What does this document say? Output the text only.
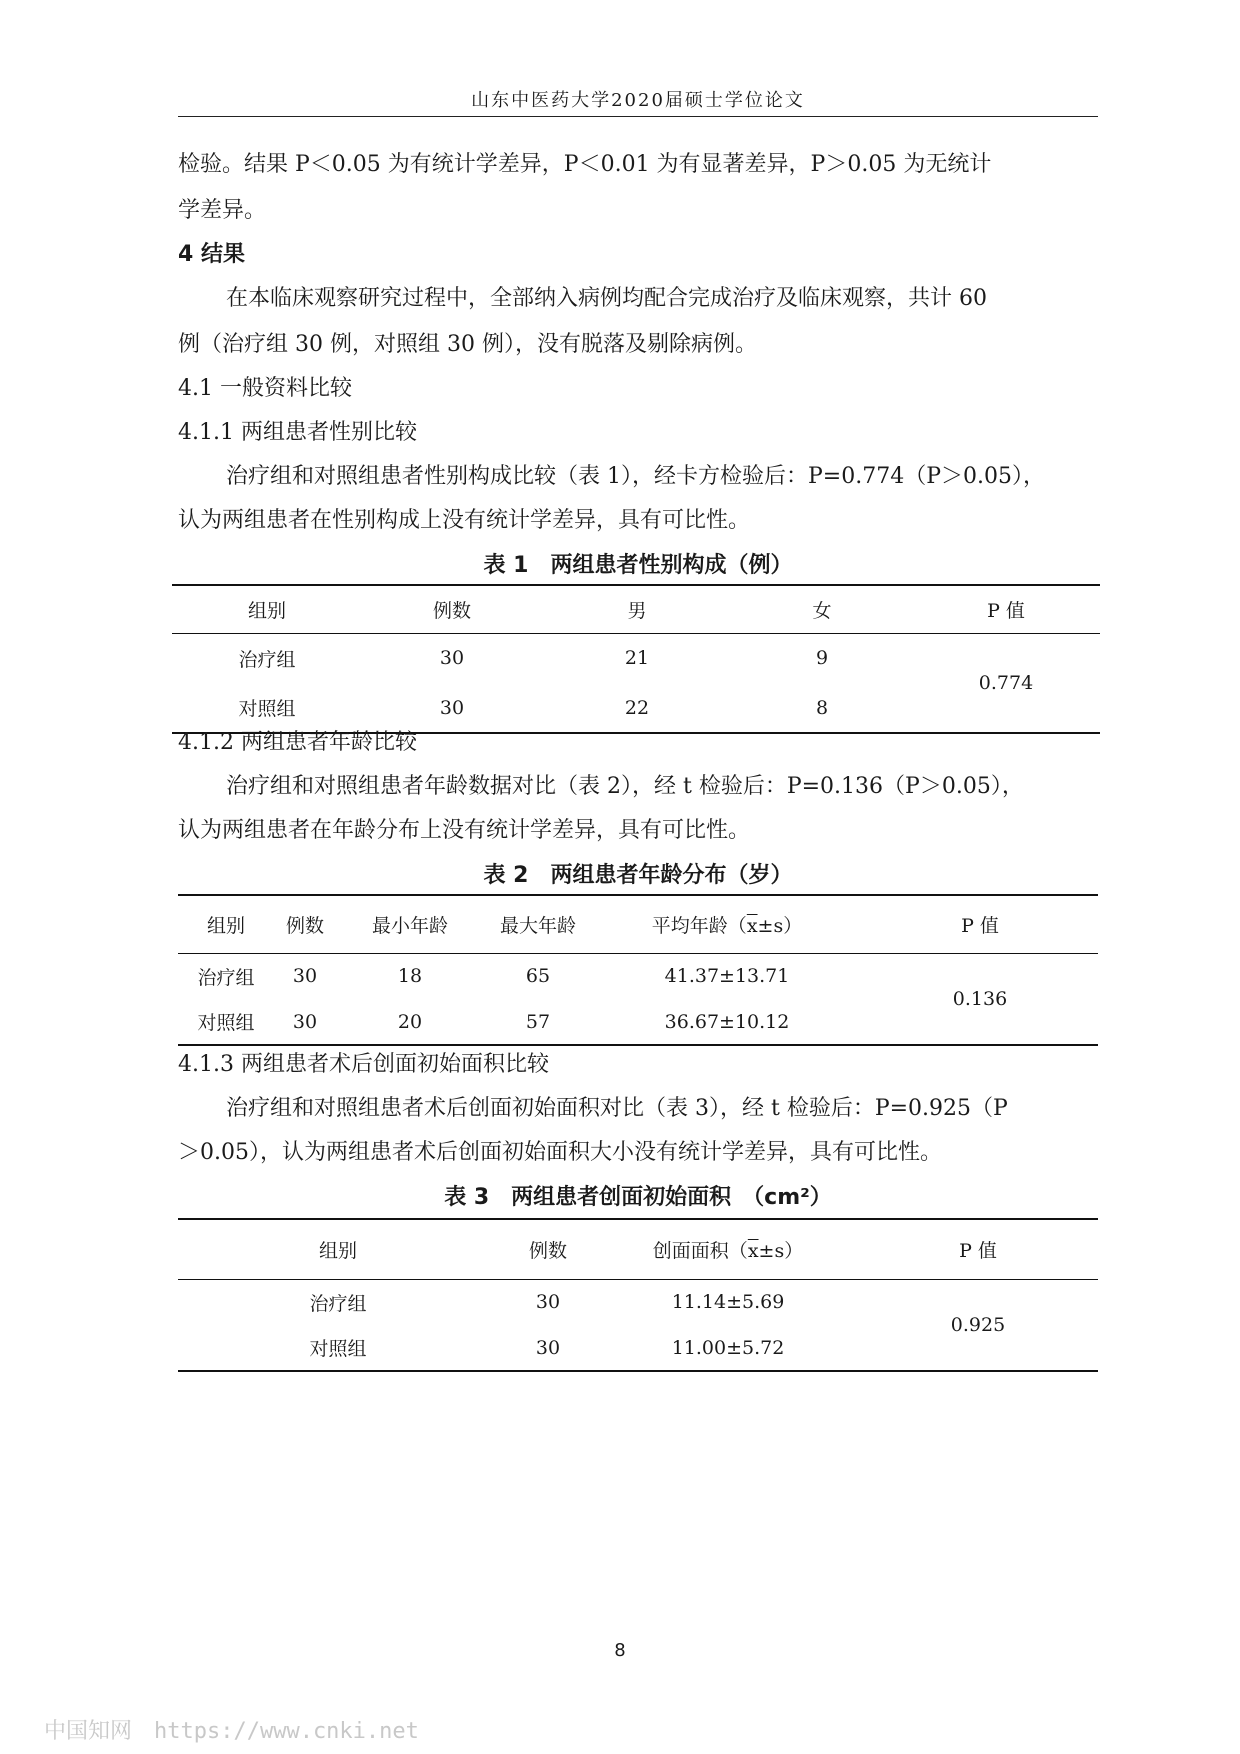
山东中医药大学2020届硕士学位论文
检验。结果 P＜0.05 为有统计学差异，P＜0.01 为有显著差异，P＞0.05 为无统计
学差异。
4 结果
在本临床观察研究过程中，全部纳入病例均配合完成治疗及临床观察，共计 60
例（治疗组 30 例，对照组 30 例），没有脱落及剔除病例。
4.1 一般资料比较
4.1.1 两组患者性别比较
治疗组和对照组患者性别构成比较（表 1），经卡方检验后：P=0.774（P＞0.05），
认为两组患者在性别构成上没有统计学差异，具有可比性。
表 1　两组患者性别构成（例）
组别	例数	男	女	P 值
治疗组	30	21	9	0.774
对照组	30	22	8	
4.1.2 两组患者年龄比较
治疗组和对照组患者年龄数据对比（表 2），经 t 检验后：P=0.136（P＞0.05），
认为两组患者在年龄分布上没有统计学差异，具有可比性。
表 2　两组患者年龄分布（岁）
组别	例数	最小年龄	最大年龄	平均年龄$(\overline{x}\pm s)$	P 值
治疗组	30	18	65	41.37±13.71	0.136
对照组	30	20	57	36.67±10.12	
4.1.3 两组患者术后创面初始面积比较
治疗组和对照组患者术后创面初始面积对比（表 3），经 t 检验后：P=0.925（P
＞0.05），认为两组患者术后创面初始面积大小没有统计学差异，具有可比性。
表 3　两组患者创面初始面积　（cm²）
组别	例数	创面面积$(\overline{x}\pm s)$	P 值
治疗组	30	11.14±5.69	0.925
对照组	30	11.00±5.72	
8
中国知网　https://www.cnki.net
